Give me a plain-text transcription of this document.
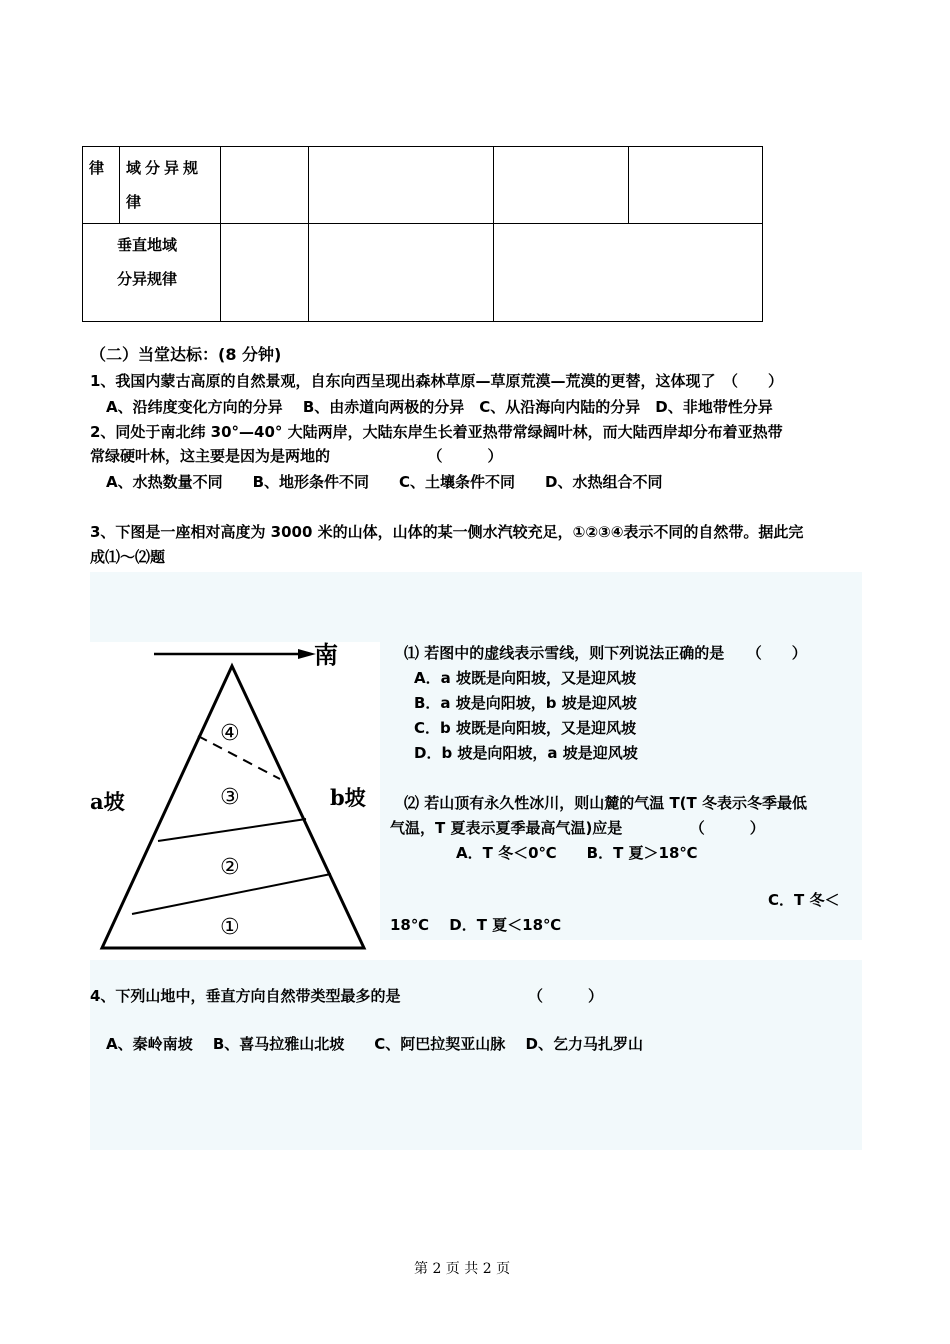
律	域分异规
律				

垂直地域
分异规律					

（二）当堂达标：(8 分钟)
1、我国内蒙古高原的自然景观，自东向西呈现出森林草原—草原荒漠—荒漠的更替，这体现了　（　　）
A、沿纬度变化方向的分异　 B、由赤道向两极的分异　C、从沿海向内陆的分异　D、非地带性分异
2、同处于南北纬 30°—40° 大陆两岸，大陆东岸生长着亚热带常绿阔叶林，而大陆西岸却分布着亚热带
常绿硬叶林，这主要是因为是两地的　　　　　　　（　　　）
A、水热数量不同　　B、地形条件不同　　C、土壤条件不同　　D、水热组合不同
3、下图是一座相对高度为 3000 米的山体，山体的某一侧水汽较充足，①②③④表示不同的自然带。据此完
成⑴～⑵题
南
④
③
②
①
a坡	b坡
⑴ 若图中的虚线表示雪线，则下列说法正确的是　　（　　）
A．a 坡既是向阳坡，又是迎风坡
B．a 坡是向阳坡，b 坡是迎风坡
C．b 坡既是向阳坡，又是迎风坡
D．b 坡是向阳坡，a 坡是迎风坡
⑵ 若山顶有永久性冰川，则山麓的气温 T(T 冬表示冬季最低
气温，T 夏表示夏季最高气温)应是　　　　　（　　　）
A．T 冬＜0℃　　B．T 夏＞18℃
C．T 冬＜
18℃　 D．T 夏＜18℃
4、下列山地中，垂直方向自然带类型最多的是　　　　　　　　　（　　　）
A、秦岭南坡　 B、喜马拉雅山北坡　　C、阿巴拉契亚山脉　 D、乞力马扎罗山
第 2 页 共 2 页
